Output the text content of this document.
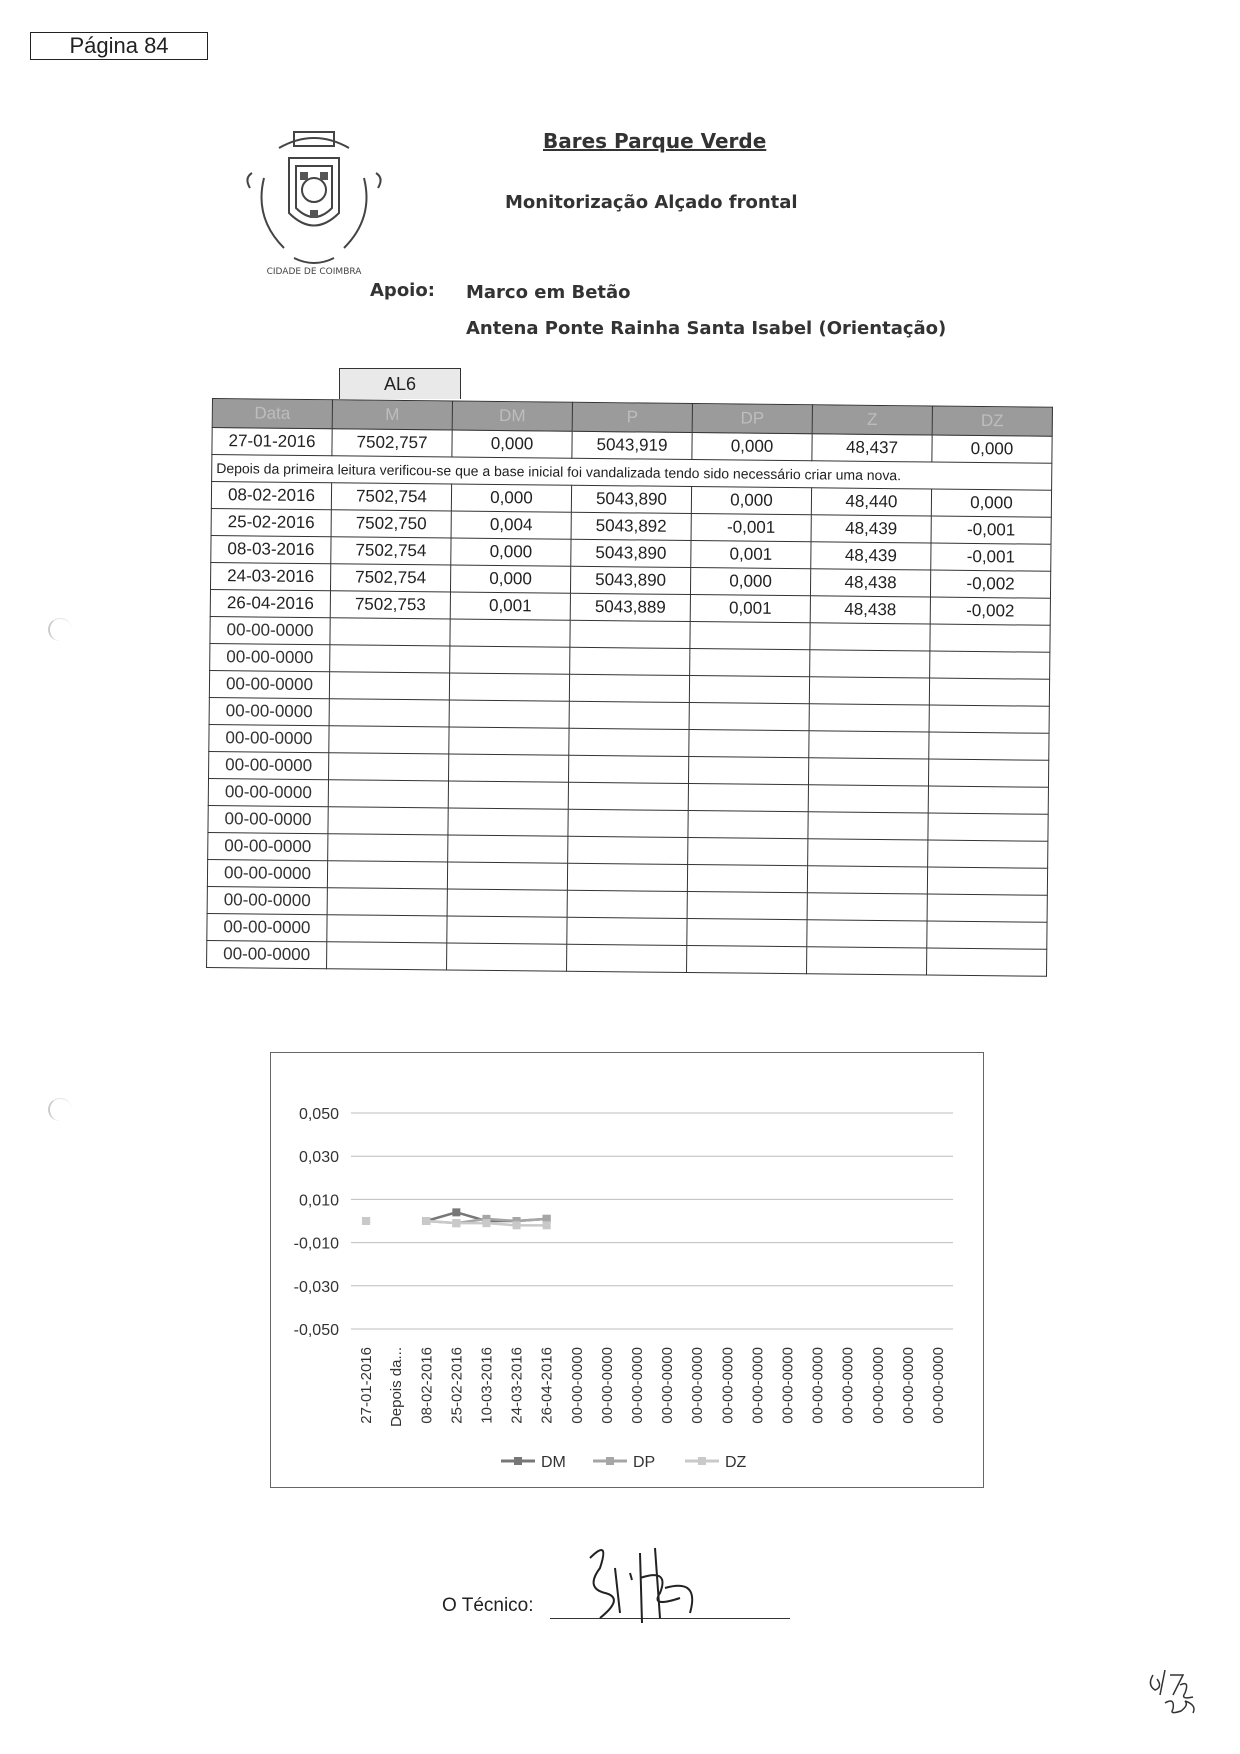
Página 84
CIDADE DE COIMBRA
Bares Parque Verde
Monitorização Alçado frontal
Apoio: Marco em Betão
Antena Ponte Rainha Santa Isabel (Orientação)
AL6
Data	M	DM	P	DP	Z	DZ
27-01-2016	7502,757	0,000	5043,919	0,000	48,437	0,000
Depois da primeira leitura verificou-se que a base inicial foi vandalizada tendo sido necessário criar uma nova.						
08-02-2016	7502,754	0,000	5043,890	0,000	48,440	0,000
25-02-2016	7502,750	0,004	5043,892	-0,001	48,439	-0,001
08-03-2016	7502,754	0,000	5043,890	0,001	48,439	-0,001
24-03-2016	7502,754	0,000	5043,890	0,000	48,438	-0,002
26-04-2016	7502,753	0,001	5043,889	0,001	48,438	-0,002
00-00-0000						
00-00-0000						
00-00-0000						
00-00-0000						
00-00-0000						
00-00-0000						
00-00-0000						
00-00-0000						
00-00-0000						
00-00-0000						
00-00-0000						
00-00-0000						
00-00-0000						
0,050
0,030
0,010
-0,010
-0,030
-0,050
27-01-2016 Depois da... 08-02-2016 25-02-2016 10-03-2016 24-03-2016 26-04-2016 00-00-0000 00-00-0000 00-00-0000 00-00-0000 00-00-0000 00-00-0000 00-00-0000 00-00-0000 00-00-0000 00-00-0000 00-00-0000 00-00-0000 00-00-0000
DM	DP	DZ
O Técnico:
